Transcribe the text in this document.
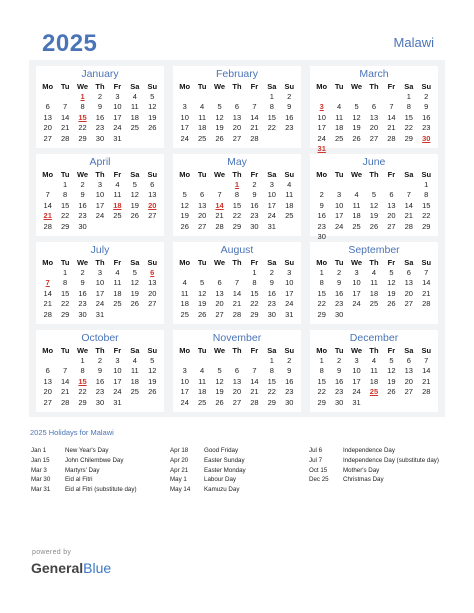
2025	Malawi
January
Mo	Tu	We	Th	Fr	Sa	Su
		1	2	3	4	5
6	7	8	9	10	11	12
13	14	15	16	17	18	19
20	21	22	23	24	25	26
27	28	29	30	31		
February
Mo	Tu	We	Th	Fr	Sa	Su
					1	2
3	4	5	6	7	8	9
10	11	12	13	14	15	16
17	18	19	20	21	22	23
24	25	26	27	28		
March
Mo	Tu	We	Th	Fr	Sa	Su
					1	2
3	4	5	6	7	8	9
10	11	12	13	14	15	16
17	18	19	20	21	22	23
24	25	26	27	28	29	30
31						
April
Mo	Tu	We	Th	Fr	Sa	Su
	1	2	3	4	5	6
7	8	9	10	11	12	13
14	15	16	17	18	19	20
21	22	23	24	25	26	27
28	29	30				
May
Mo	Tu	We	Th	Fr	Sa	Su
			1	2	3	4
5	6	7	8	9	10	11
12	13	14	15	16	17	18
19	20	21	22	23	24	25
26	27	28	29	30	31	
June
Mo	Tu	We	Th	Fr	Sa	Su
						1
2	3	4	5	6	7	8
9	10	11	12	13	14	15
16	17	18	19	20	21	22
23	24	25	26	27	28	29
30						
July
Mo	Tu	We	Th	Fr	Sa	Su
	1	2	3	4	5	6
7	8	9	10	11	12	13
14	15	16	17	18	19	20
21	22	23	24	25	26	27
28	29	30	31			
August
Mo	Tu	We	Th	Fr	Sa	Su
				1	2	3
4	5	6	7	8	9	10
11	12	13	14	15	16	17
18	19	20	21	22	23	24
25	26	27	28	29	30	31
September
Mo	Tu	We	Th	Fr	Sa	Su
1	2	3	4	5	6	7
8	9	10	11	12	13	14
15	16	17	18	19	20	21
22	23	24	25	26	27	28
29	30					
October
Mo	Tu	We	Th	Fr	Sa	Su
		1	2	3	4	5
6	7	8	9	10	11	12
13	14	15	16	17	18	19
20	21	22	23	24	25	26
27	28	29	30	31		
November
Mo	Tu	We	Th	Fr	Sa	Su
					1	2
3	4	5	6	7	8	9
10	11	12	13	14	15	16
17	18	19	20	21	22	23
24	25	26	27	28	29	30
December
Mo	Tu	We	Th	Fr	Sa	Su
1	2	3	4	5	6	7
8	9	10	11	12	13	14
15	16	17	18	19	20	21
22	23	24	25	26	27	28
29	30	31				
2025 Holidays for Malawi
Jan 1	New Year's Day
Jan 15 John Chilembwe Day
Mar 3	Martyrs' Day
Mar 30 Eid al Fitri
Mar 31 Eid al Fitri (substitute day)
Apr 18	Good Friday
Apr 20	Easter Sunday
Apr 21	Easter Monday
May 1	Labour Day
May 14 Kamuzu Day
Jul 6	Independence Day
Jul 7	Independence Day (substitute day)
Oct 15	Mother's Day
Dec 25 Christmas Day
powered by
GeneralBlue
